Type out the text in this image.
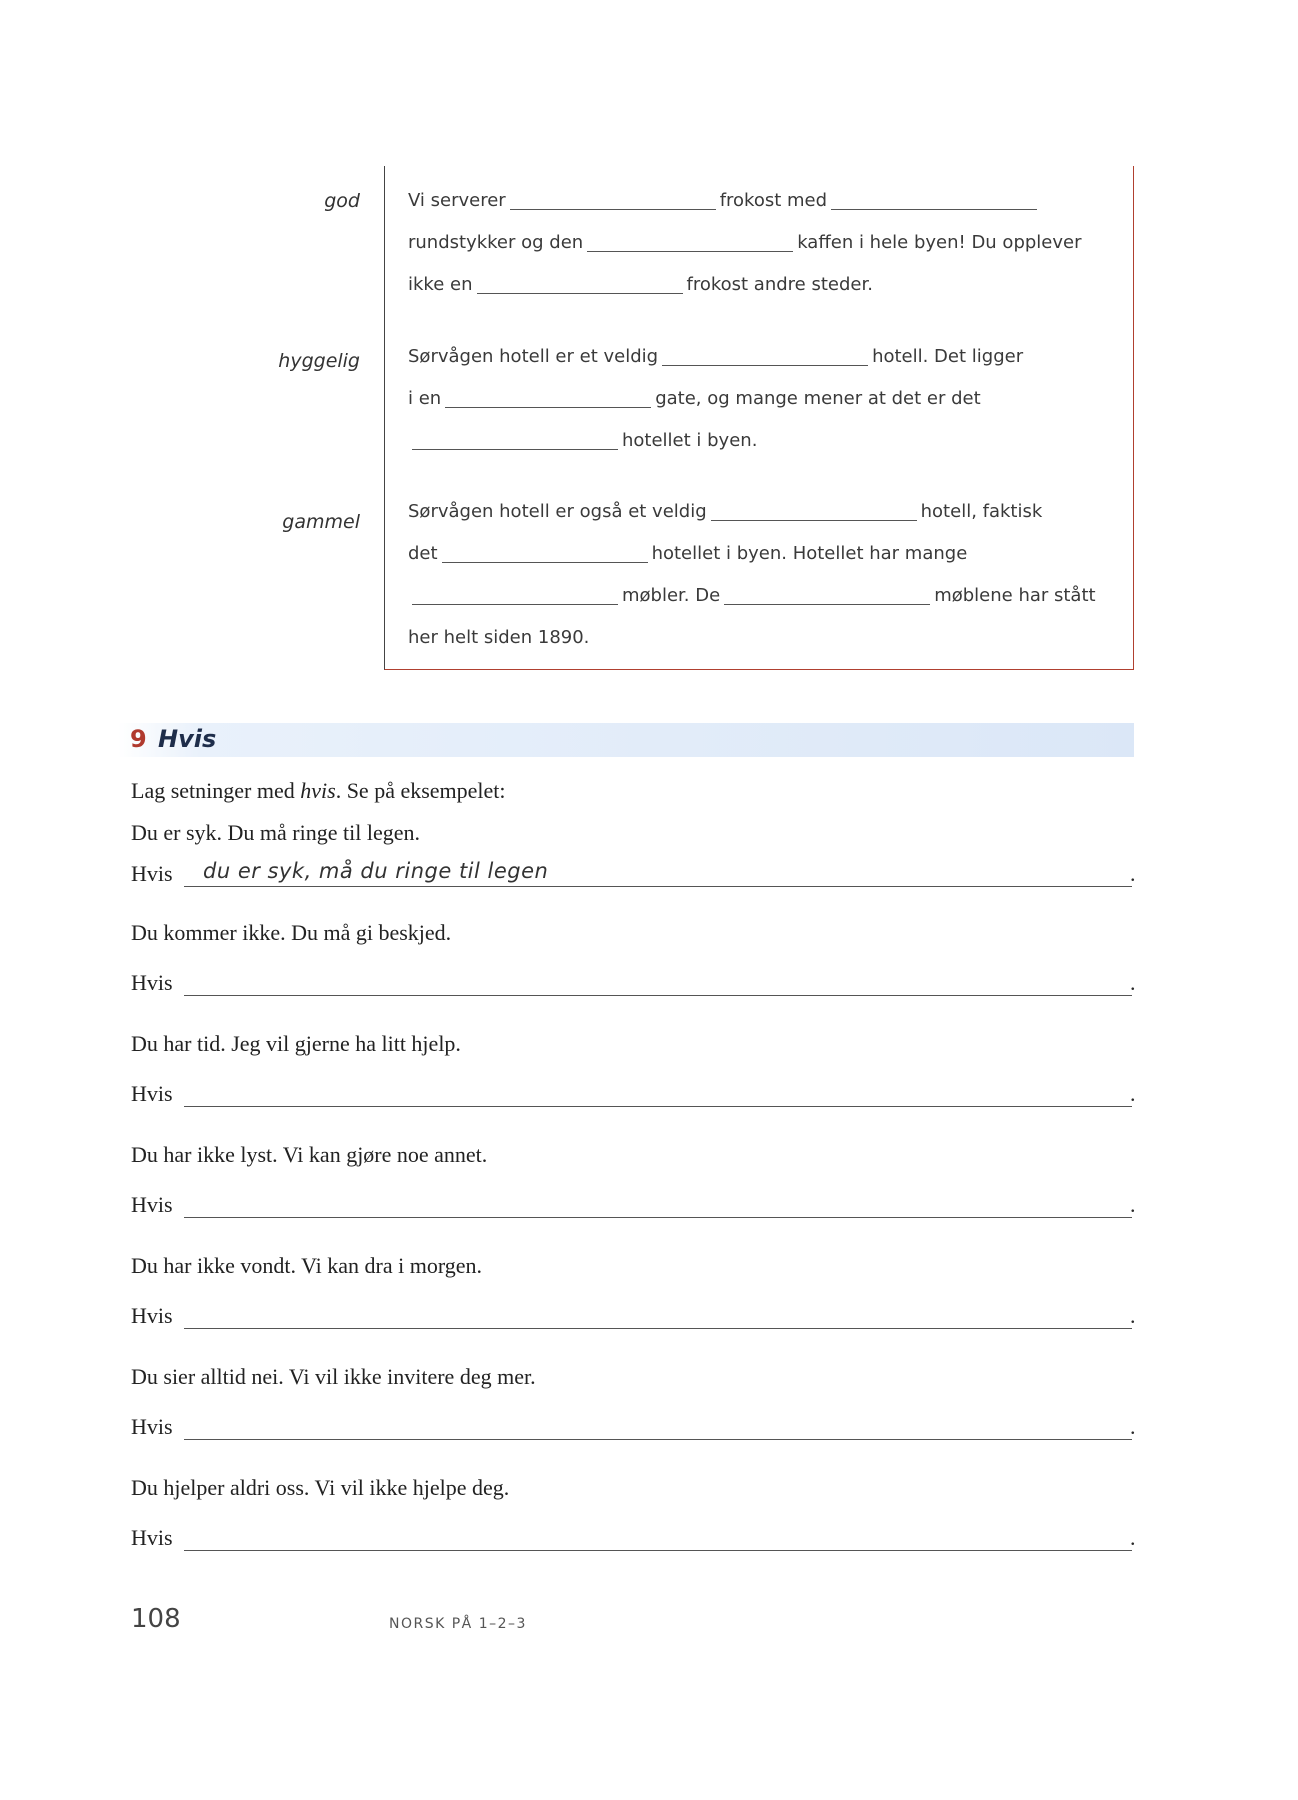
god	Vi serverer	frokost med
rundstykker og den	kaffen i hele byen! Du opplever
ikke en	frokost andre steder.
hyggelig	Sørvågen hotell er et veldig	hotell. Det ligger
i en	gate, og mange mener at det er det
hotellet i byen.
gammel	Sørvågen hotell er også et veldig	hotell, faktisk
det	hotellet i byen. Hotellet har mange
møbler. De	møblene har stått
her helt siden 1890.
9 Hvis
Lag setninger med hvis. Se på eksempelet:
Du er syk. Du må ringe til legen.
Hvis du er syk, må du ringe til legen	.
Du kommer ikke. Du må gi beskjed.
Hvis	.
Du har tid. Jeg vil gjerne ha litt hjelp.
Hvis	.
Du har ikke lyst. Vi kan gjøre noe annet.
Hvis	.
Du har ikke vondt. Vi kan dra i morgen.
Hvis	.
Du sier alltid nei. Vi vil ikke invitere deg mer.
Hvis	.
Du hjelper aldri oss. Vi vil ikke hjelpe deg.
Hvis	.
108	NORSK PÅ 1–2–3
